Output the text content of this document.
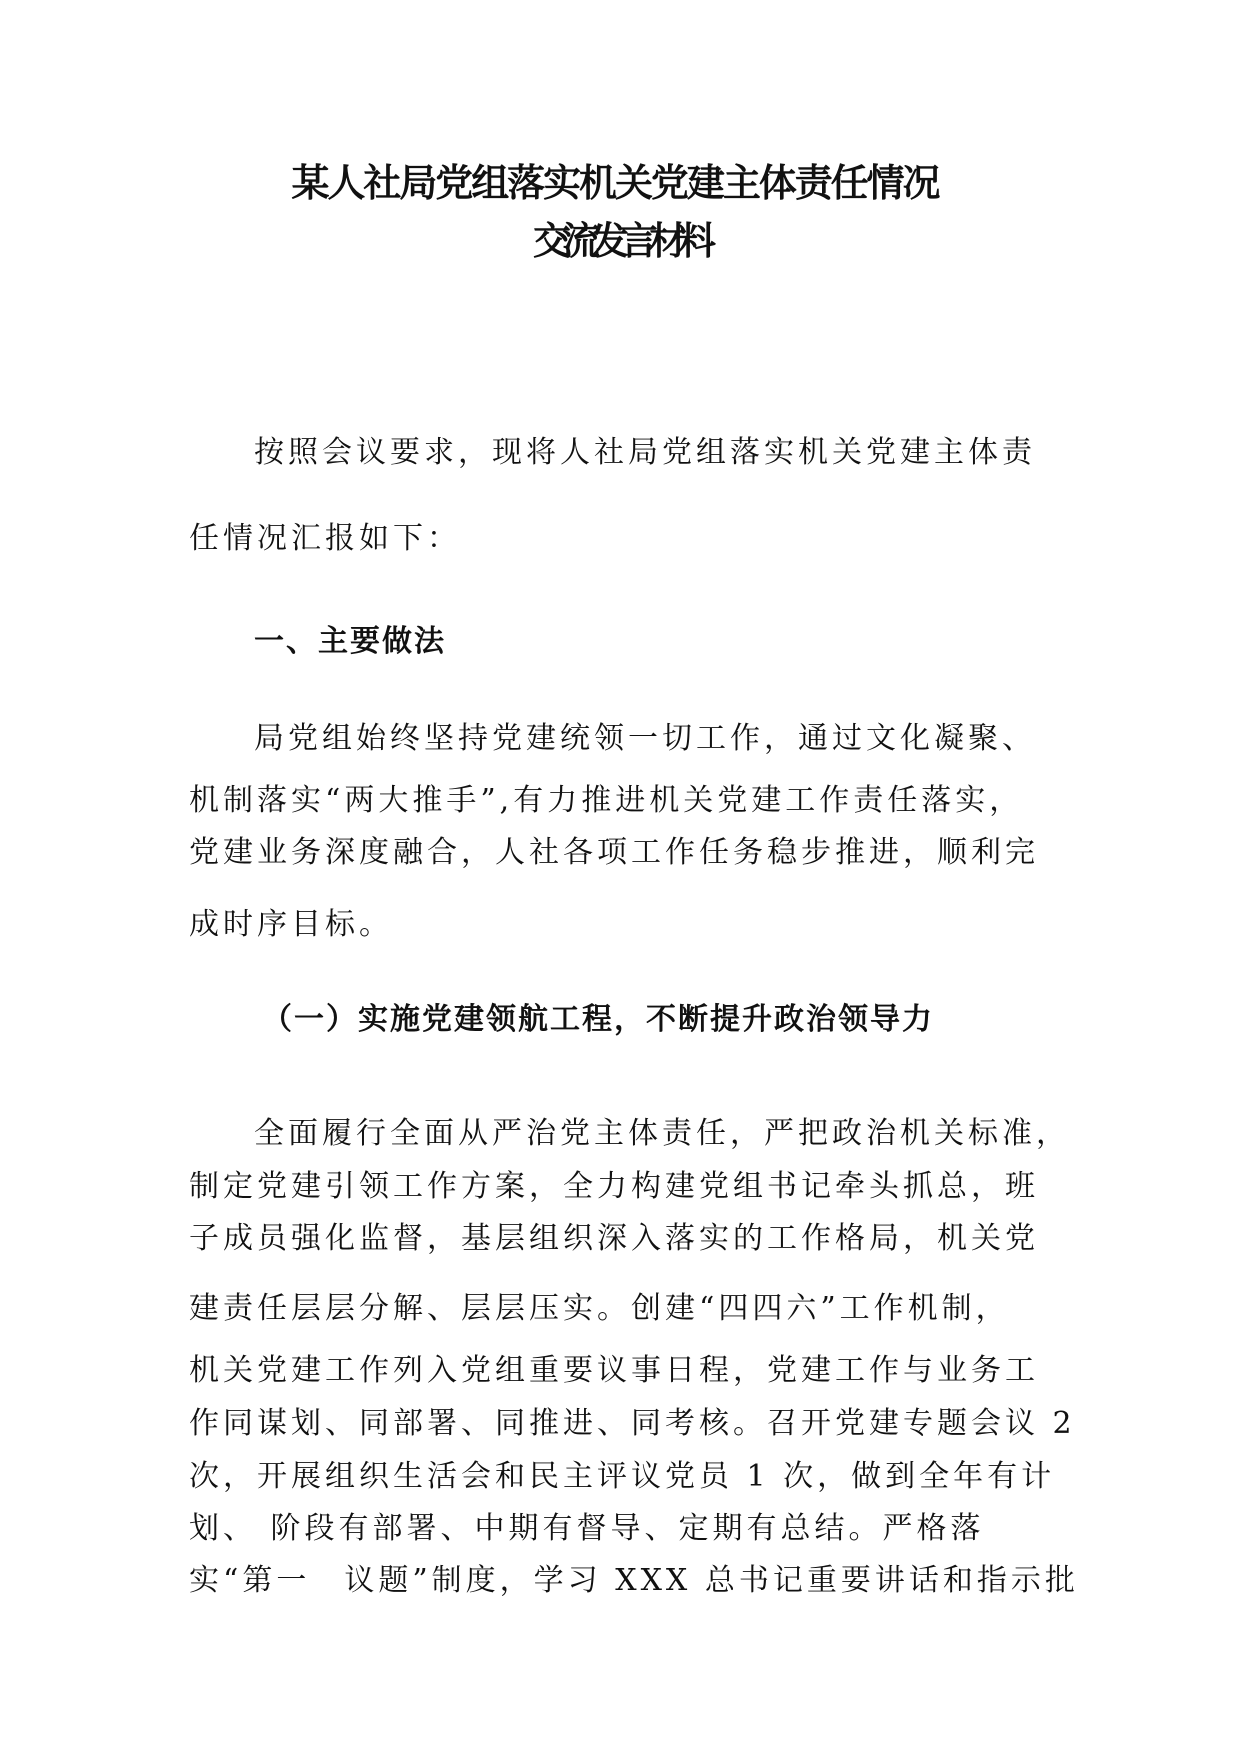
某人社局党组落实机关党建主体责任情况
交流发言材料
按照会议要求，现将人社局党组落实机关党建主体责
任情况汇报如下：
一、主要做法
局党组始终坚持党建统领一切工作，通过文化凝聚、
机制落实“两大推手”,有力推进机关党建工作责任落实，
党建业务深度融合，人社各项工作任务稳步推进，顺利完
成时序目标。
（一）实施党建领航工程，不断提升政治领导力
全面履行全面从严治党主体责任，严把政治机关标准，
制定党建引领工作方案，全力构建党组书记牵头抓总，班
子成员强化监督，基层组织深入落实的工作格局，机关党
建责任层层分解、层层压实。创建“四四六”工作机制，
机关党建工作列入党组重要议事日程，党建工作与业务工
作同谋划、同部署、同推进、同考核。召开党建专题会议 2
次，开展组织生活会和民主评议党员 1 次，做到全年有计
划、 阶段有部署、中期有督导、定期有总结。严格落
实“第一　议题”制度，学习 XXX 总书记重要讲话和指示批
